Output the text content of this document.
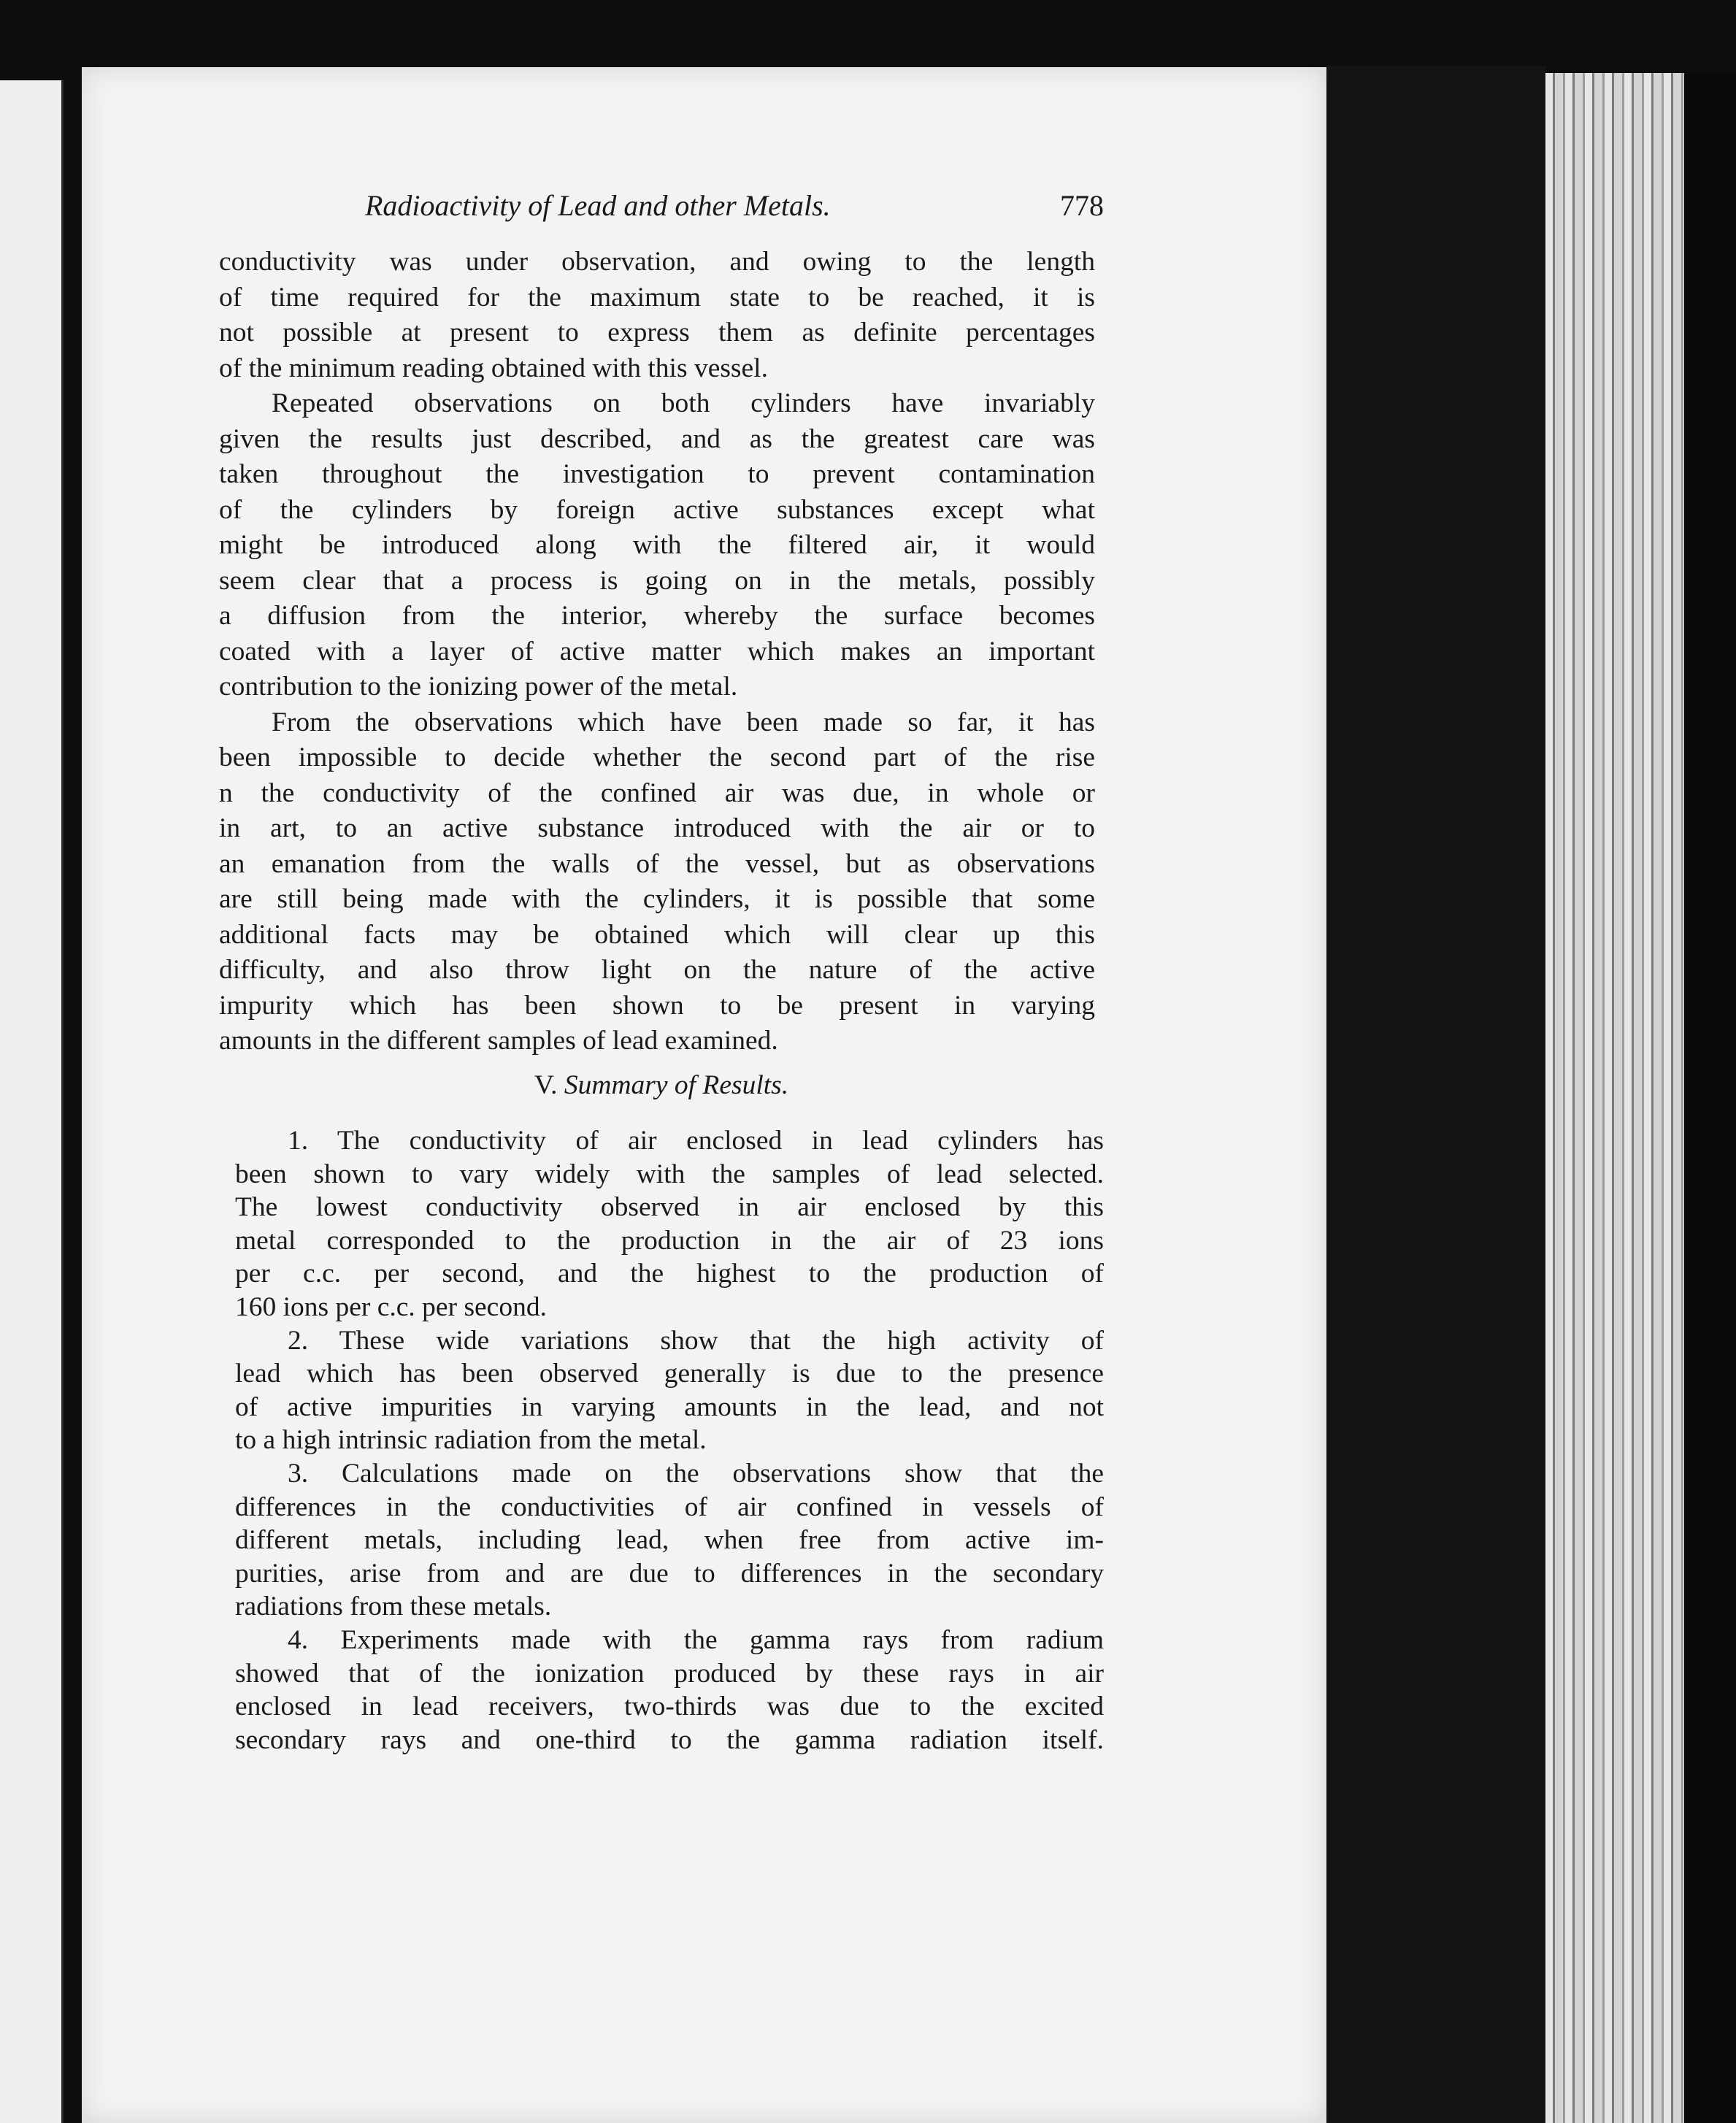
Radioactivity of Lead and other Metals.	778
conductivity was under observation, and owing to the length
of time required for the maximum state to be reached, it is
not possible at present to express them as definite percentages
of the minimum reading obtained with this vessel.
Repeated observations on both cylinders have invariably
given the results just described, and as the greatest care was
taken throughout the investigation to prevent contamination
of the cylinders by foreign active substances except what
might be introduced along with the filtered air, it would
seem clear that a process is going on in the metals, possibly
a diffusion from the interior, whereby the surface becomes
coated with a layer of active matter which makes an important
contribution to the ionizing power of the metal.
From the observations which have been made so far, it has
been impossible to decide whether the second part of the rise
n the conductivity of the confined air was due, in whole or
in art, to an active substance introduced with the air or to
an emanation from the walls of the vessel, but as observations
are still being made with the cylinders, it is possible that some
additional facts may be obtained which will clear up this
difficulty, and also throw light on the nature of the active
impurity which has been shown to be present in varying
amounts in the different samples of lead examined.
V. Summary of Results.
1. The conductivity of air enclosed in lead cylinders has
been shown to vary widely with the samples of lead selected.
The lowest conductivity observed in air enclosed by this
metal corresponded to the production in the air of 23 ions
per c.c. per second, and the highest to the production of
160 ions per c.c. per second.
2. These wide variations show that the high activity of
lead which has been observed generally is due to the presence
of active impurities in varying amounts in the lead, and not
to a high intrinsic radiation from the metal.
3. Calculations made on the observations show that the
differences in the conductivities of air confined in vessels of
different metals, including lead, when free from active im-
purities, arise from and are due to differences in the secondary
radiations from these metals.
4. Experiments made with the gamma rays from radium
showed that of the ionization produced by these rays in air
enclosed in lead receivers, two-thirds was due to the excited
secondary rays and one-third to the gamma radiation itself.
